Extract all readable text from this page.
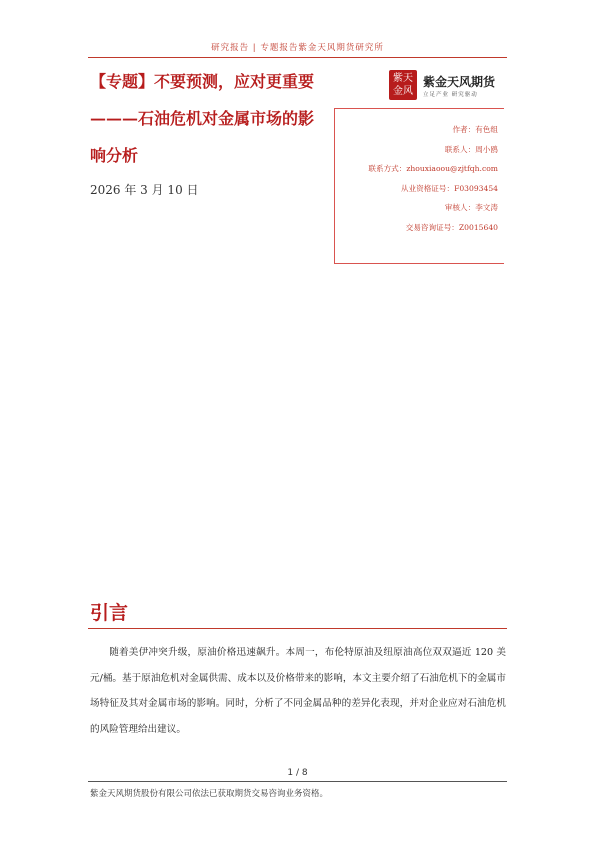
研究报告 | 专题报告紫金天风期货研究所
【专题】不要预测，应对更重要———石油危机对金属市场的影响分析
2026 年 3 月 10 日
紫天 金风
紫金天风期货
立足产业 研究驱动
作者：有色组
联系人：周小鸥
联系方式：zhouxiaoou@zjtfqh.com
从业资格证号：F03093454
审核人：李文涛
交易咨询证号：Z0015640
引言

随着美伊冲突升级，原油价格迅速飙升。本周一，布伦特原油及纽原油高位双双逼近 120 美元/桶。基于原油危机对金属供需、成本以及价格带来的影响，本文主要介绍了石油危机下的金属市场特征及其对金属市场的影响。同时，分析了不同金属品种的差异化表现，并对企业应对石油危机的风险管理给出建议。

1 / 8
紫金天风期货股份有限公司依法已获取期货交易咨询业务资格。
